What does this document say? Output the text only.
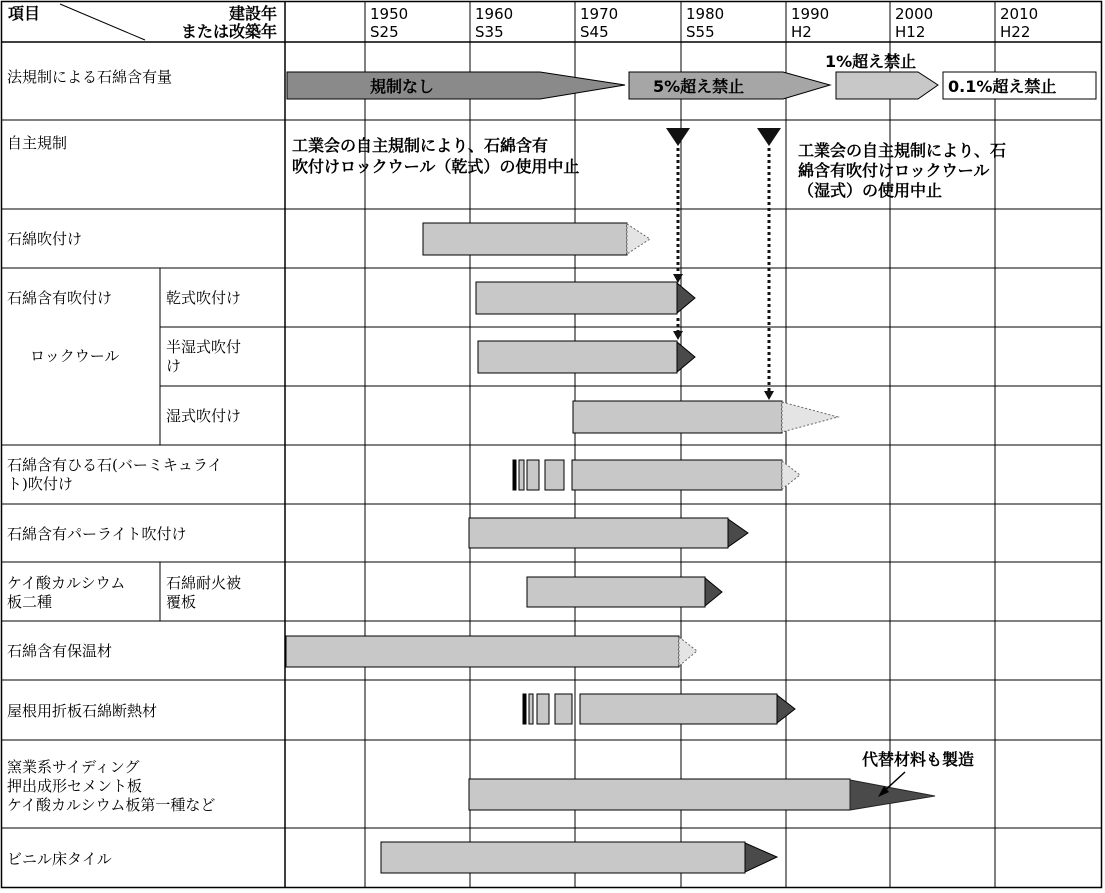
項目	建設年
または改築年
1950
S25
1960
S35
1970
S45
1980
S55
1990
H2
2000
H12
2010
H22
法規制による石綿含有量
自主規制
石綿吹付け
石綿含有吹付け
ロックウール
乾式吹付け
半湿式吹付
け
湿式吹付け
石綿含有ひる石(バーミキュライ
ト)吹付け
石綿含有パーライト吹付け
ケイ酸カルシウム
板二種
石綿耐火被
覆板
石綿含有保温材
屋根用折板石綿断熱材
窯業系サイディング
押出成形セメント板
ケイ酸カルシウム板第一種など
ビニル床タイル
規制なし	5%超え禁止
1%超え禁止
0.1%超え禁止
工業会の自主規制により、石綿含有
吹付けロックウール（乾式）の使用中止
工業会の自主規制により、石
綿含有吹付けロックウール
（湿式）の使用中止
代替材料も製造
